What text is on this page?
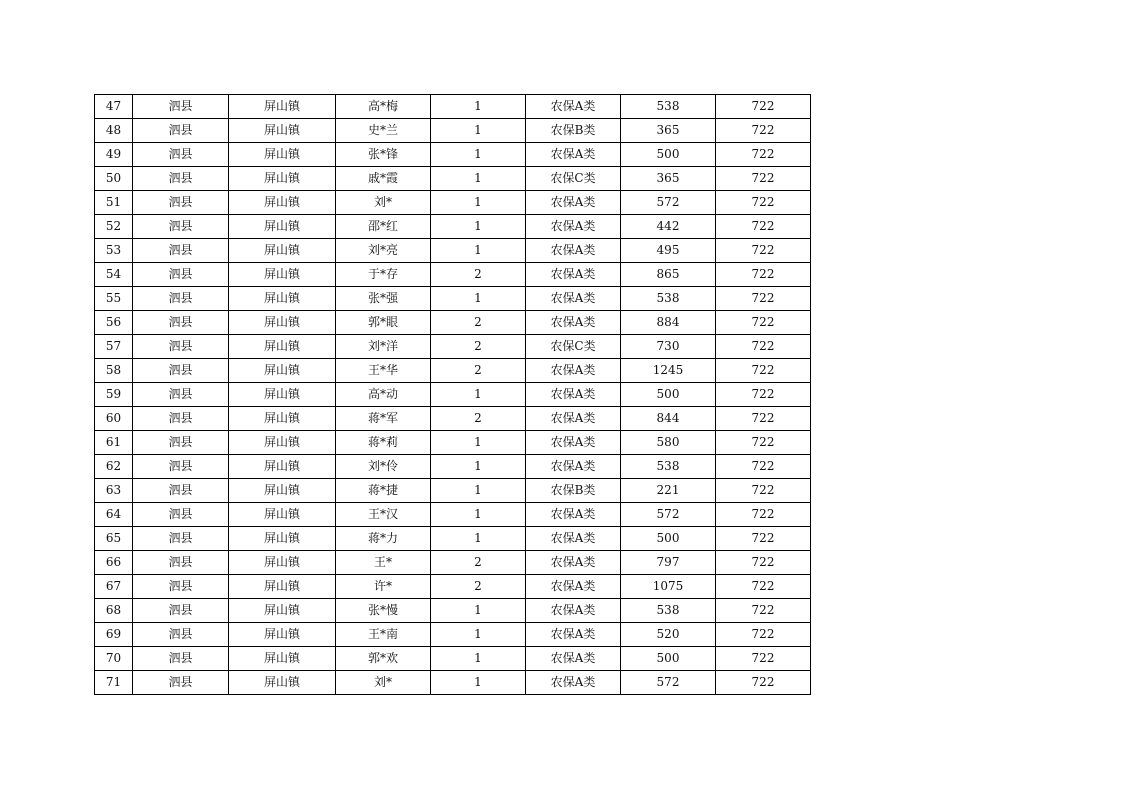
47	泗县	屏山镇	高*梅	1	农保A类	538	722
48	泗县	屏山镇	史*兰	1	农保B类	365	722
49	泗县	屏山镇	张*锋	1	农保A类	500	722
50	泗县	屏山镇	戚*霞	1	农保C类	365	722
51	泗县	屏山镇	刘*	1	农保A类	572	722
52	泗县	屏山镇	邵*红	1	农保A类	442	722
53	泗县	屏山镇	刘*亮	1	农保A类	495	722
54	泗县	屏山镇	于*存	2	农保A类	865	722
55	泗县	屏山镇	张*强	1	农保A类	538	722
56	泗县	屏山镇	郭*眼	2	农保A类	884	722
57	泗县	屏山镇	刘*洋	2	农保C类	730	722
58	泗县	屏山镇	王*华	2	农保A类	1245	722
59	泗县	屏山镇	高*动	1	农保A类	500	722
60	泗县	屏山镇	蒋*军	2	农保A类	844	722
61	泗县	屏山镇	蒋*莉	1	农保A类	580	722
62	泗县	屏山镇	刘*伶	1	农保A类	538	722
63	泗县	屏山镇	蒋*捷	1	农保B类	221	722
64	泗县	屏山镇	王*汉	1	农保A类	572	722
65	泗县	屏山镇	蒋*力	1	农保A类	500	722
66	泗县	屏山镇	王*	2	农保A类	797	722
67	泗县	屏山镇	许*	2	农保A类	1075	722
68	泗县	屏山镇	张*慢	1	农保A类	538	722
69	泗县	屏山镇	王*南	1	农保A类	520	722
70	泗县	屏山镇	郭*欢	1	农保A类	500	722
71	泗县	屏山镇	刘*	1	农保A类	572	722
